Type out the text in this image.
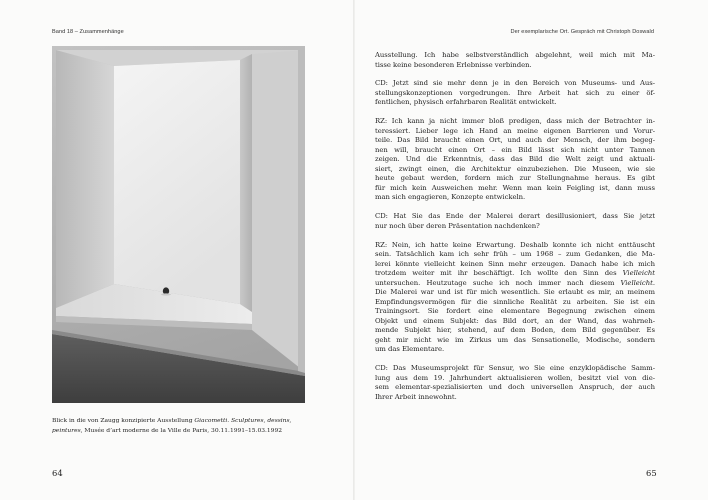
Band 18 – Zusammenhänge	Der exemplarische Ort. Gespräch mit Christoph Doswald
Blick in die von Zaugg konzipierte Ausstellung Giacometti. Sculptures, dessins,
peintures, Musée d’art moderne de la Ville de Paris, 30.11.1991–15.03.1992
Ausstellung. Ich habe selbstverständlich abgelehnt, weil mich mit Ma-
tisse keine besonderen Erlebnisse verbinden.
CD: Jetzt sind sie mehr denn je in den Bereich von Museums- und Aus-
stellungskonzeptionen vorgedrungen. Ihre Arbeit hat sich zu einer öf-
fentlichen, physisch erfahrbaren Realität entwickelt.
RZ: Ich kann ja nicht immer bloß predigen, dass mich der Betrachter in-
teressiert. Lieber lege ich Hand an meine eigenen Barrieren und Vorur-
teile. Das Bild braucht einen Ort, und auch der Mensch, der ihm begeg-
nen will, braucht einen Ort – ein Bild lässt sich nicht unter Tannen
zeigen. Und die Erkenntnis, dass das Bild die Welt zeigt und aktuali-
siert, zwingt einen, die Architektur einzubeziehen. Die Museen, wie sie
heute gebaut werden, fordern mich zur Stellungnahme heraus. Es gibt
für mich kein Ausweichen mehr. Wenn man kein Feigling ist, dann muss
man sich engagieren, Konzepte entwickeln.
CD: Hat Sie das Ende der Malerei derart desillusioniert, dass Sie jetzt
nur noch über deren Präsentation nachdenken?
RZ: Nein, ich hatte keine Erwartung. Deshalb konnte ich nicht enttäuscht
sein. Tatsächlich kam ich sehr früh – um 1968 – zum Gedanken, die Ma-
lerei könnte vielleicht keinen Sinn mehr erzeugen. Danach habe ich mich
trotzdem weiter mit ihr beschäftigt. Ich wollte den Sinn des Vielleicht
untersuchen. Heutzutage suche ich noch immer nach diesem Vielleicht.
Die Malerei war und ist für mich wesentlich. Sie erlaubt es mir, an meinem
Empfindungsvermögen für die sinnliche Realität zu arbeiten. Sie ist ein
Trainingsort. Sie fordert eine elementare Begegnung zwischen einem
Objekt und einem Subjekt: das Bild dort, an der Wand, das wahrneh-
mende Subjekt hier, stehend, auf dem Boden, dem Bild gegenüber. Es
geht mir nicht wie im Zirkus um das Sensationelle, Modische, sondern
um das Elementare.
CD: Das Museumsprojekt für Sensur, wo Sie eine enzyklopädische Samm-
lung aus dem 19. Jahrhundert aktualisieren wollen, besitzt viel von die-
sem elementar-spezialisierten und doch universellen Anspruch, der auch
Ihrer Arbeit innewohnt.
64	65
